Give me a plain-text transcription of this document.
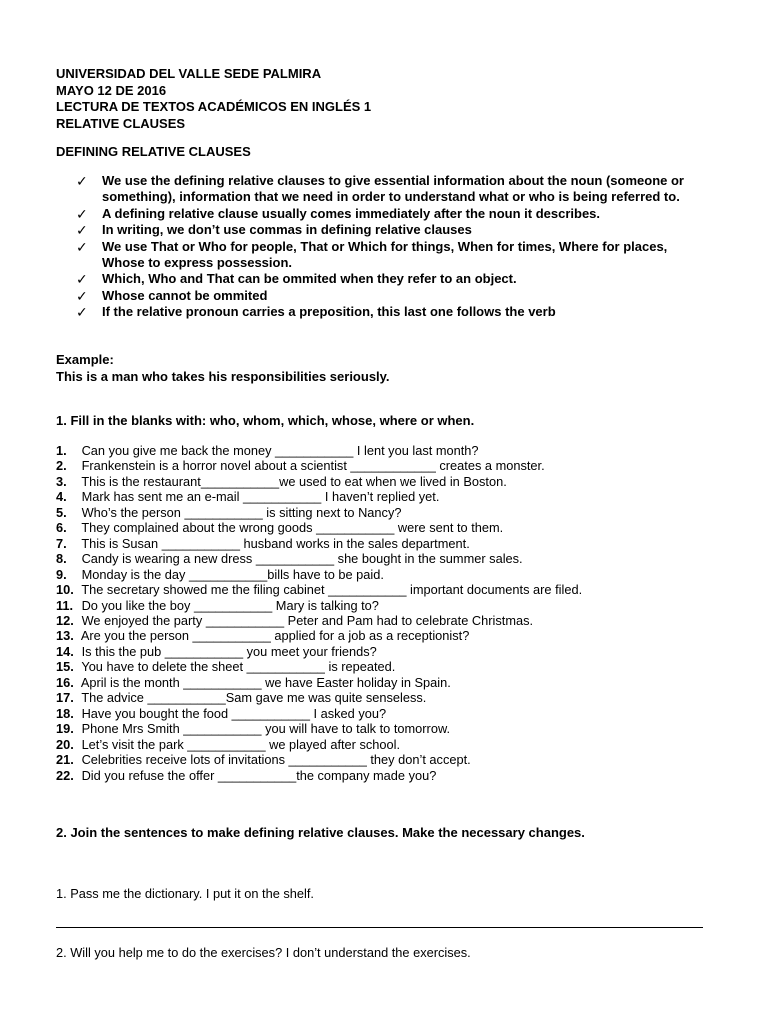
UNIVERSIDAD DEL VALLE SEDE PALMIRA
MAYO 12 DE 2016
LECTURA DE TEXTOS ACADÉMICOS EN INGLÉS 1
RELATIVE CLAUSES
DEFINING RELATIVE CLAUSES
✓ We use the defining relative clauses to give essential information about the noun (someone or something), information that we need in order to understand what or who is being referred to.
✓ A defining relative clause usually comes immediately after the noun it describes.
✓ In writing, we don’t use commas in defining relative clauses
✓ We use That or Who for people, That or Which for things, When for times, Where for places, Whose to express possession.
✓ Which, Who and That can be ommited when they refer to an object.
✓ Whose cannot be ommited
✓ If the relative pronoun carries a preposition, this last one follows the verb
Example:
This is a man who takes his responsibilities seriously.
1. Fill in the blanks with: who, whom, which, whose, where or when.
1. Can you give me back the money ___________ I lent you last month?
2. Frankenstein is a horror novel about a scientist ____________ creates a monster.
3. This is the restaurant___________we used to eat when we lived in Boston.
4. Mark has sent me an e-mail ___________ I haven’t replied yet.
5. Who’s the person ___________ is sitting next to Nancy?
6. They complained about the wrong goods ___________ were sent to them.
7. This is Susan ___________ husband works in the sales department.
8. Candy is wearing a new dress ___________ she bought in the summer sales.
9. Monday is the day ___________bills have to be paid.
10. The secretary showed me the filing cabinet ___________ important documents are filed.
11. Do you like the boy ___________ Mary is talking to?
12. We enjoyed the party ___________ Peter and Pam had to celebrate Christmas.
13. Are you the person ___________ applied for a job as a receptionist?
14. Is this the pub ___________ you meet your friends?
15. You have to delete the sheet ___________ is repeated.
16. April is the month ___________ we have Easter holiday in Spain.
17. The advice ___________Sam gave me was quite senseless.
18. Have you bought the food ___________ I asked you?
19. Phone Mrs Smith ___________ you will have to talk to tomorrow.
20. Let’s visit the park ___________ we played after school.
21. Celebrities receive lots of invitations ___________ they don’t accept.
22. Did you refuse the offer ___________the company made you?
2. Join the sentences to make defining relative clauses. Make the necessary changes.
1. Pass me the dictionary. I put it on the shelf.
2. Will you help me to do the exercises? I don’t understand the exercises.
